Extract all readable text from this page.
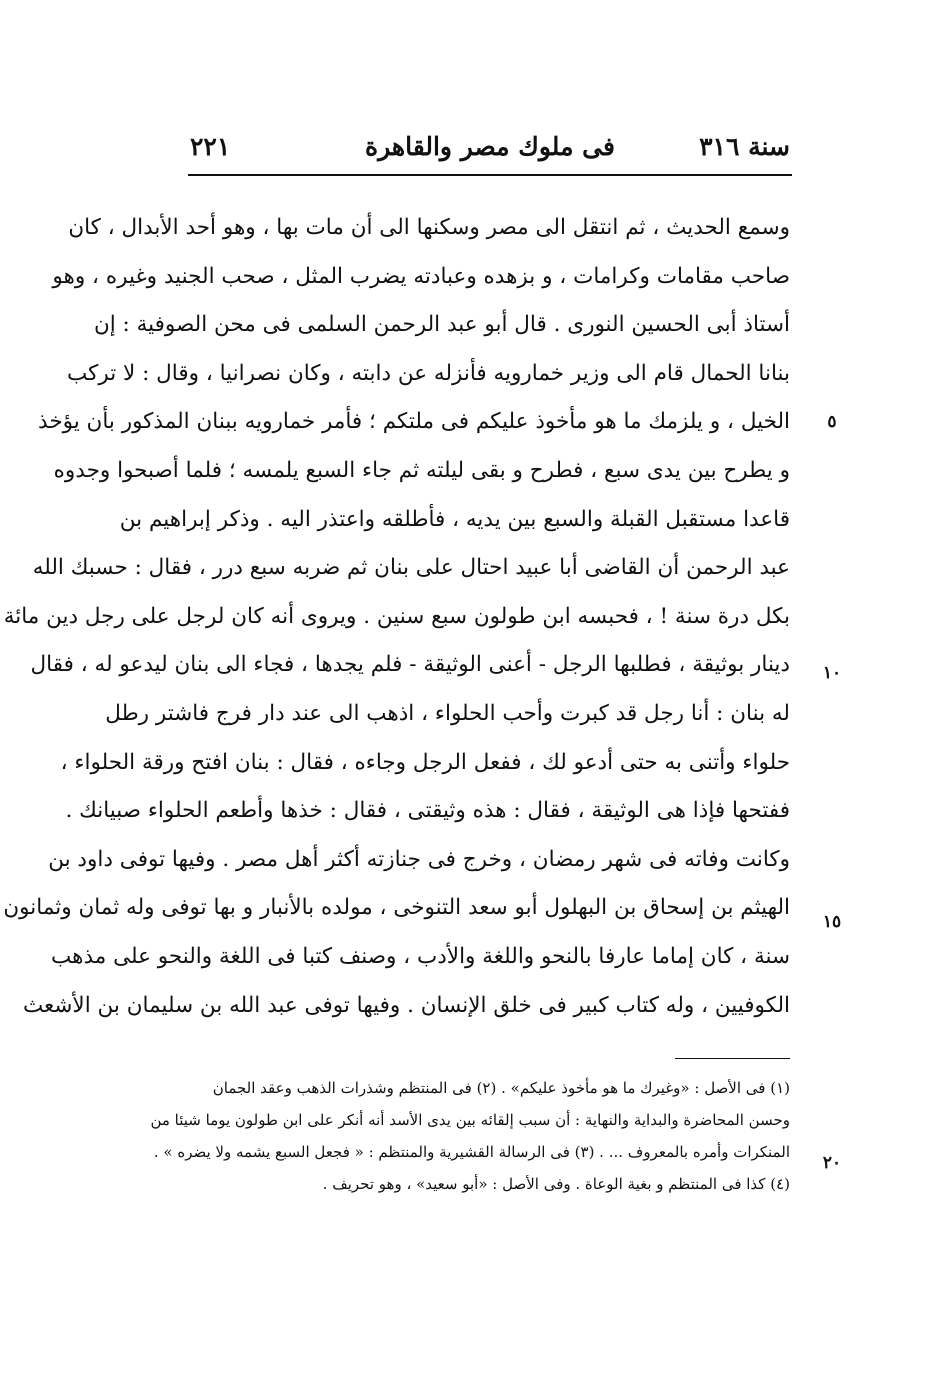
سنة ٣١٦
فى ملوك مصر والقاهرة
٢٢١
وسمع الحديث ، ثم انتقل الى مصر وسكنها الى أن مات بها ، وهو أحد الأبدال ، كان
صاحب مقامات وكرامات ، و بزهده وعبادته يضرب المثل ، صحب الجنيد وغيره ، وهو
أستاذ أبى الحسين النورى . قال أبو عبد الرحمن السلمى فى محن الصوفية : إن
بنانا الحمال قام الى وزير خمارويه فأنزله عن دابته ، وكان نصرانيا ، وقال : لا تركب
الخيل ، و يلزمك ما هو مأخوذ عليكم فى ملتكم ؛ فأمر خمارويه ببنان المذكور بأن يؤخذ
و يطرح بين يدى سبع ، فطرح و بقى ليلته ثم جاء السبع يلمسه ؛ فلما أصبحوا وجدوه
قاعدا مستقبل القبلة والسبع بين يديه ، فأطلقه واعتذر اليه . وذكر إبراهيم بن
عبد الرحمن أن القاضى أبا عبيد احتال على بنان ثم ضربه سبع درر ، فقال : حسبك الله
بكل درة سنة ! ، فحبسه ابن طولون سبع سنين . ويروى أنه كان لرجل على رجل دين مائة
دينار بوثيقة ، فطلبها الرجل - أعنى الوثيقة - فلم يجدها ، فجاء الى بنان ليدعو له ، فقال
له بنان : أنا رجل قد كبرت وأحب الحلواء ، اذهب الى عند دار فرج فاشتر رطل
حلواء وأتنى به حتى أدعو لك ، ففعل الرجل وجاءه ، فقال : بنان افتح ورقة الحلواء ،
ففتحها فإذا هى الوثيقة ، فقال : هذه وثيقتى ، فقال : خذها وأطعم الحلواء صبيانك .
وكانت وفاته فى شهر رمضان ، وخرج فى جنازته أكثر أهل مصر . وفيها توفى داود بن
الهيثم بن إسحاق بن البهلول أبو سعد التنوخى ، مولده بالأنبار و بها توفى وله ثمان وثمانون
سنة ، كان إماما عارفا بالنحو واللغة والأدب ، وصنف كتبا فى اللغة والنحو على مذهب
الكوفيين ، وله كتاب كبير فى خلق الإنسان . وفيها توفى عبد الله بن سليمان بن الأشعث
٥
١٠
١٥
٢٠
(١) فى الأصل : «وغيرك ما هو مأخوذ عليكم» . (٢) فى المنتظم وشذرات الذهب وعقد الجمان
وحسن المحاضرة والبداية والنهاية : أن سبب إلقائه بين يدى الأسد أنه أنكر على ابن طولون يوما شيئا من
المنكرات وأمره بالمعروف ... . (٣) فى الرسالة القشيرية والمنتظم : « فجعل السبع يشمه ولا يضره » .
(٤) كذا فى المنتظم و بغية الوعاة . وفى الأصل : «أبو سعيد» ، وهو تحريف .
